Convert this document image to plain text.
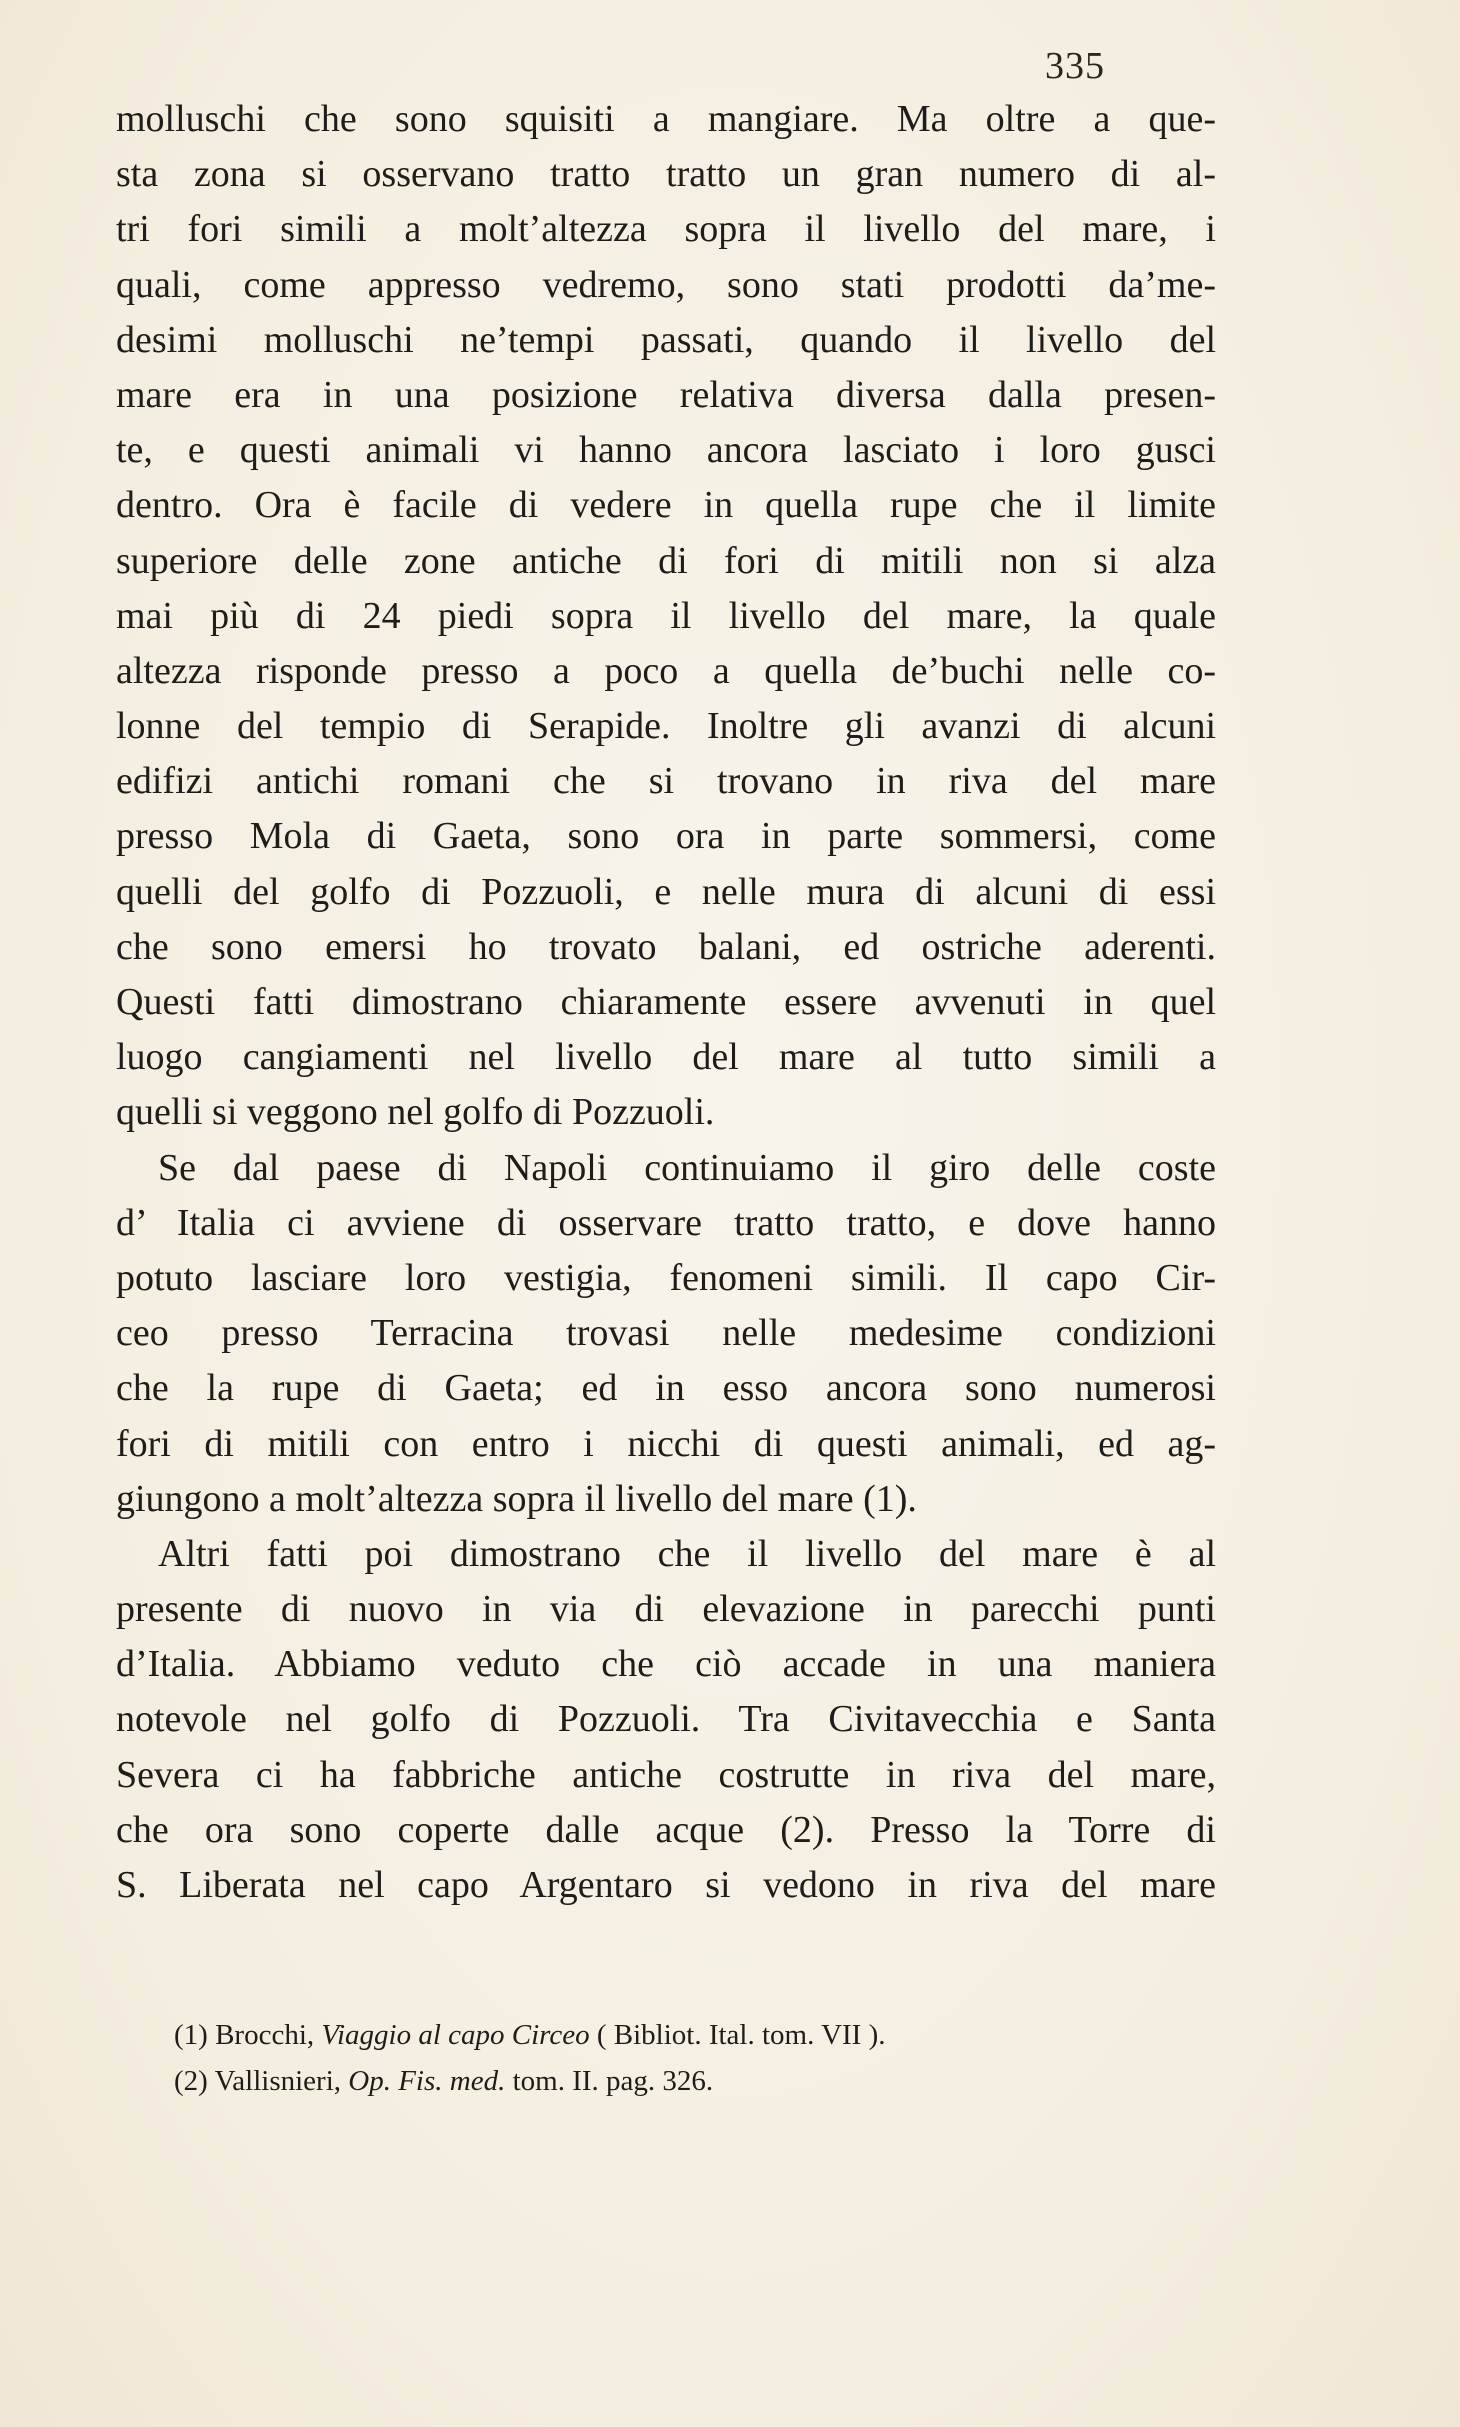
335
molluschi che sono squisiti a mangiare. Ma oltre a que-
sta zona si osservano tratto tratto un gran numero di al-
tri fori simili a molt’altezza sopra il livello del mare, i
quali, come appresso vedremo, sono stati prodotti da’me-
desimi molluschi ne’tempi passati, quando il livello del
mare era in una posizione relativa diversa dalla presen-
te, e questi animali vi hanno ancora lasciato i loro gusci
dentro. Ora è facile di vedere in quella rupe che il limite
superiore delle zone antiche di fori di mitili non si alza
mai più di 24 piedi sopra il livello del mare, la quale
altezza risponde presso a poco a quella de’buchi nelle co-
lonne del tempio di Serapide. Inoltre gli avanzi di alcuni
edifizi antichi romani che si trovano in riva del mare
presso Mola di Gaeta, sono ora in parte sommersi, come
quelli del golfo di Pozzuoli, e nelle mura di alcuni di essi
che sono emersi ho trovato balani, ed ostriche aderenti.
Questi fatti dimostrano chiaramente essere avvenuti in quel
luogo cangiamenti nel livello del mare al tutto simili a
quelli si veggono nel golfo di Pozzuoli.
Se dal paese di Napoli continuiamo il giro delle coste
d’ Italia ci avviene di osservare tratto tratto, e dove hanno
potuto lasciare loro vestigia, fenomeni simili. Il capo Cir-
ceo presso Terracina trovasi nelle medesime condizioni
che la rupe di Gaeta; ed in esso ancora sono numerosi
fori di mitili con entro i nicchi di questi animali, ed ag-
giungono a molt’altezza sopra il livello del mare (1).
Altri fatti poi dimostrano che il livello del mare è al
presente di nuovo in via di elevazione in parecchi punti
d’Italia. Abbiamo veduto che ciò accade in una maniera
notevole nel golfo di Pozzuoli. Tra Civitavecchia e Santa
Severa ci ha fabbriche antiche costrutte in riva del mare,
che ora sono coperte dalle acque (2). Presso la Torre di
S. Liberata nel capo Argentaro si vedono in riva del mare
(1) Brocchi, Viaggio al capo Circeo ( Bibliot. Ital. tom. VII ).
(2) Vallisnieri, Op. Fis. med. tom. II. pag. 326.
